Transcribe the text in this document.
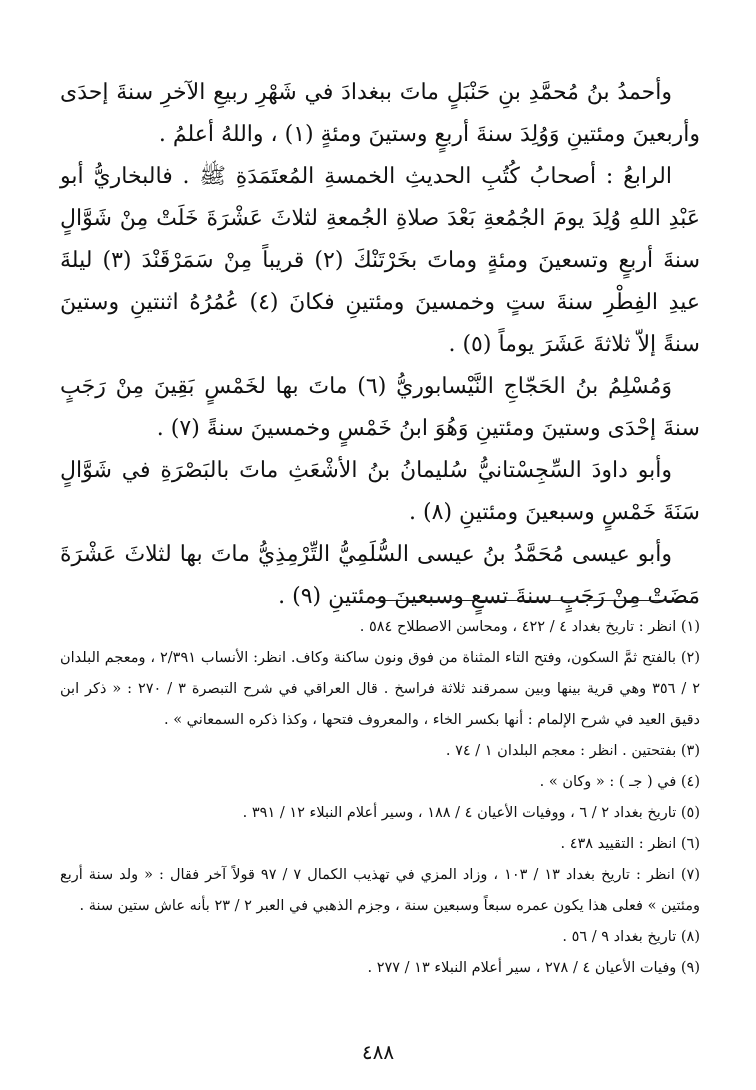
وأحمدُ بنُ مُحمَّدِ بنِ حَنْبَلٍ ماتَ ببغدادَ في شَهْرِ ربيعِ الآخرِ سنةَ إحدَى وأربعينَ ومئتينِ وَوُلِدَ سنةَ أربعٍ وستينَ ومئةٍ (١) ، واللهُ أعلمُ .

الرابعُ : أصحابُ كُتُبِ الحديثِ الخمسةِ المُعتَمَدَةِ ﷺ . فالبخاريُّ أبو عَبْدِ اللهِ وُلِدَ يومَ الجُمُعةِ بَعْدَ صلاةِ الجُمعةِ لثلاثَ عَشْرَةَ خَلَتْ مِنْ شَوَّالٍ سنةَ أربعٍ وتسعينَ ومئةٍ وماتَ بخَرْتَنْكَ (٢) قريباً مِنْ سَمَرْقَنْدَ (٣) ليلةَ عيدِ الفِطْرِ سنةَ ستٍ وخمسينَ ومئتينِ فكانَ (٤) عُمُرُهُ اثنتينِ وستينَ سنةً إلاّ ثلاثةَ عَشَرَ يوماً (٥) .

وَمُسْلِمُ بنُ الحَجّاجِ النَّيْسابوريُّ (٦) ماتَ بها لخَمْسٍ بَقِينَ مِنْ رَجَبٍ سنةَ إحْدَى وستينَ ومئتينِ وَهُوَ ابنُ خَمْسٍ وخمسينَ سنةً (٧) .

وأبو داودَ السِّجِسْتانيُّ سُليمانُ بنُ الأشْعَثِ ماتَ بالبَصْرَةِ في شَوَّالٍ سَنَةَ خَمْسٍ وسبعينَ ومئتينِ (٨) .

وأبو عيسى مُحَمَّدُ بنُ عيسى السُّلَمِيُّ التِّرْمِذِيُّ ماتَ بها لثلاثَ عَشْرَةَ مَضَتْ مِنْ رَجَبٍ سنةَ تسعٍ وسبعينَ ومئتينِ (٩) .

(١) انظر : تاريخ بغداد ٤ / ٤٢٢ ، ومحاسن الاصطلاح ٥٨٤ .

(٢) بالفتح ثمَّ السكون، وفتح التاء المثناة من فوق ونون ساكنة وكاف. انظر: الأنساب ٢/٣٩١ ، ومعجم البلدان ٢ / ٣٥٦ وهي قرية بينها وبين سمرقند ثلاثة فراسخ . قال العراقي في شرح التبصرة ٣ / ٢٧٠ : « ذكر ابن دقيق العيد في شرح الإلمام : أنها بكسر الخاء ، والمعروف فتحها ، وكذا ذكره السمعاني » .

(٣) بفتحتين . انظر : معجم البلدان ١ / ٧٤ .

(٤) في ( جـ ) : « وكان » .

(٥) تاريخ بغداد ٢ / ٦ ، ووفيات الأعيان ٤ / ١٨٨ ، وسير أعلام النبلاء ١٢ / ٣٩١ .

(٦) انظر : التقييد ٤٣٨ .

(٧) انظر : تاريخ بغداد ١٣ / ١٠٣ ، وزاد المزي في تهذيب الكمال ٧ / ٩٧ قولاً آخر فقال : « ولد سنة أربع ومئتين » فعلى هذا يكون عمره سبعاً وسبعين سنة ، وجزم الذهبي في العبر ٢ / ٢٣ بأنه عاش ستين سنة .

(٨) تاريخ بغداد ٩ / ٥٦ .

(٩) وفيات الأعيان ٤ / ٢٧٨ ، سير أعلام النبلاء ١٣ / ٢٧٧ .

٤٨٨
